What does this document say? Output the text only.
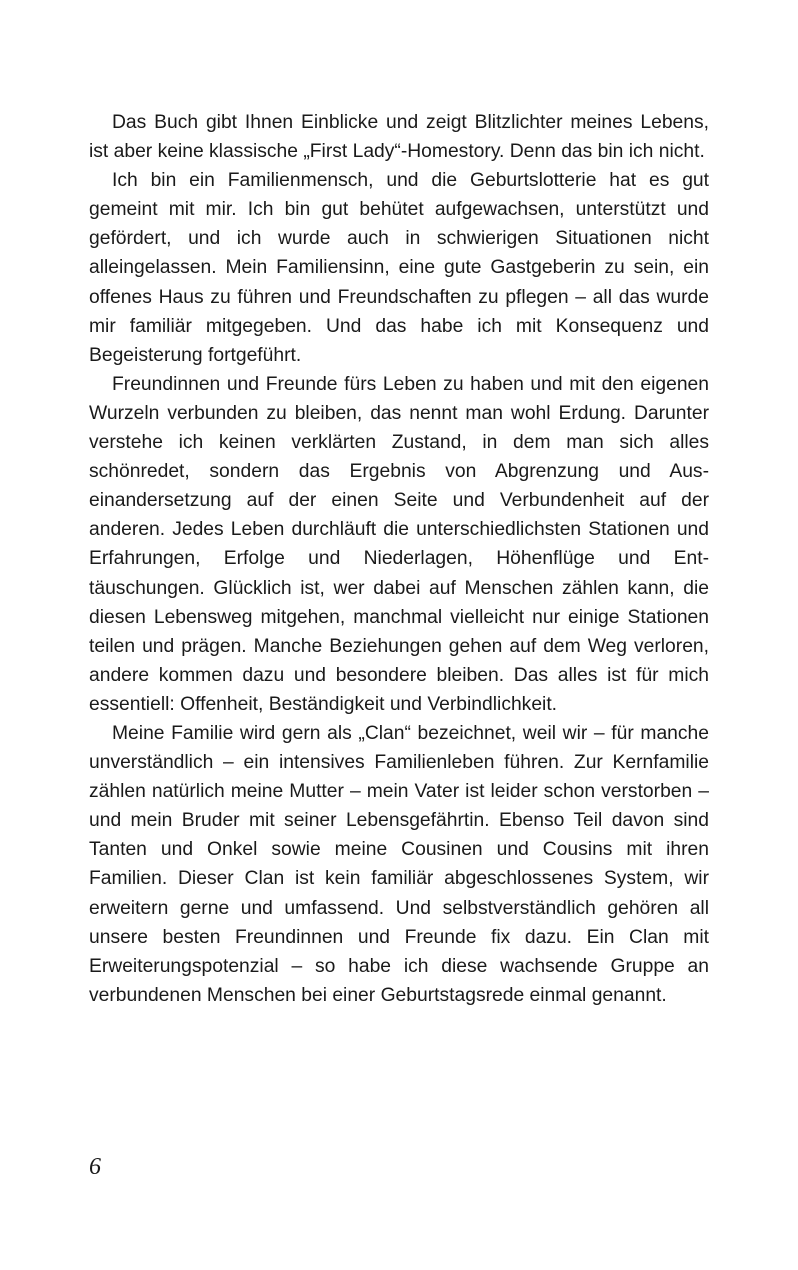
Das Buch gibt Ihnen Einblicke und zeigt Blitzlichter meines Lebens, ist aber keine klassische „First Lady“-Homestory. Denn das bin ich nicht.

Ich bin ein Familienmensch, und die Geburtslotterie hat es gut gemeint mit mir. Ich bin gut behütet aufgewachsen, unterstützt und gefördert, und ich wurde auch in schwierigen Situationen nicht alleingelassen. Mein Familiensinn, eine gute Gastgeberin zu sein, ein offenes Haus zu führen und Freundschaften zu pflegen – all das wurde mir familiär mitgegeben. Und das habe ich mit Konsequenz und Begeisterung fortgeführt.

Freundinnen und Freunde fürs Leben zu haben und mit den eigenen Wurzeln verbunden zu bleiben, das nennt man wohl Erdung. Darunter verstehe ich keinen verklärten Zustand, in dem man sich alles schönredet, sondern das Ergebnis von Abgrenzung und Auseinandersetzung auf der einen Seite und Verbundenheit auf der anderen. Jedes Leben durchläuft die unterschiedlichsten Stationen und Erfahrungen, Erfolge und Niederlagen, Höhenflüge und Enttäuschungen. Glücklich ist, wer dabei auf Menschen zählen kann, die diesen Lebensweg mitgehen, manchmal vielleicht nur einige Stationen teilen und prägen. Manche Beziehungen gehen auf dem Weg verloren, andere kommen dazu und besondere bleiben. Das alles ist für mich essentiell: Offenheit, Beständigkeit und Verbindlichkeit.

Meine Familie wird gern als „Clan“ bezeichnet, weil wir – für manche unverständlich – ein intensives Familienleben führen. Zur Kernfamilie zählen natürlich meine Mutter – mein Vater ist leider schon verstorben – und mein Bruder mit seiner Lebensgefährtin. Ebenso Teil davon sind Tanten und Onkel sowie meine Cousinen und Cousins mit ihren Familien. Dieser Clan ist kein familiär abgeschlossenes System, wir erweitern gerne und umfassend. Und selbstverständlich gehören all unsere besten Freundinnen und Freunde fix dazu. Ein Clan mit Erweiterungspotenzial – so habe ich diese wachsende Gruppe an verbundenen Menschen bei einer Geburtstagsrede einmal genannt.

6
